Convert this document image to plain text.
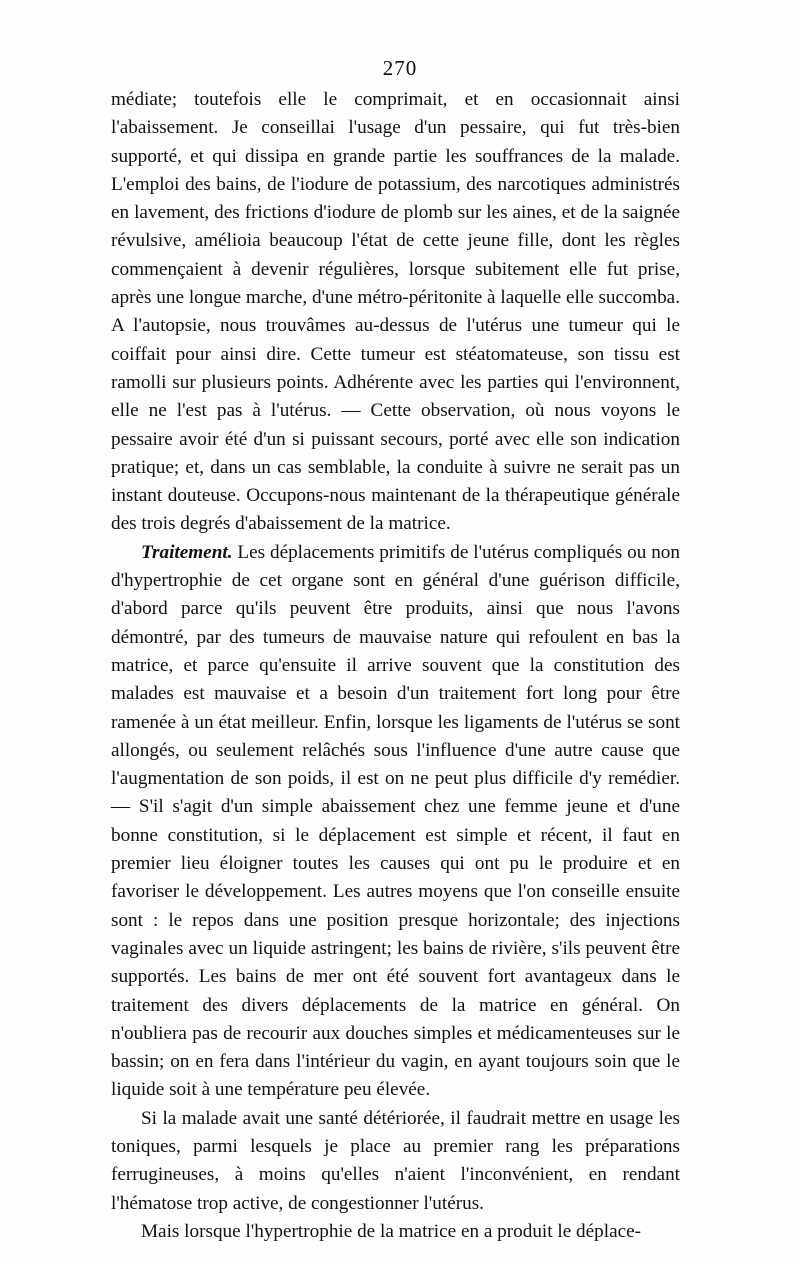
270

médiate; toutefois elle le comprimait, et en occasionnait ainsi l'abaissement. Je conseillai l'usage d'un pessaire, qui fut très-bien supporté, et qui dissipa en grande partie les souffrances de la malade. L'emploi des bains, de l'iodure de potassium, des narcotiques administrés en lavement, des frictions d'iodure de plomb sur les aines, et de la saignée révulsive, amélioia beaucoup l'état de cette jeune fille, dont les règles commençaient à devenir régulières, lorsque subitement elle fut prise, après une longue marche, d'une métro-péritonite à laquelle elle succomba. A l'autopsie, nous trouvâmes au-dessus de l'utérus une tumeur qui le coiffait pour ainsi dire. Cette tumeur est stéatomateuse, son tissu est ramolli sur plusieurs points. Adhérente avec les parties qui l'environnent, elle ne l'est pas à l'utérus. — Cette observation, où nous voyons le pessaire avoir été d'un si puissant secours, porté avec elle son indication pratique; et, dans un cas semblable, la conduite à suivre ne serait pas un instant douteuse. Occupons-nous maintenant de la thérapeutique générale des trois degrés d'abaissement de la matrice.

Traitement. Les déplacements primitifs de l'utérus compliqués ou non d'hypertrophie de cet organe sont en général d'une guérison difficile, d'abord parce qu'ils peuvent être produits, ainsi que nous l'avons démontré, par des tumeurs de mauvaise nature qui refoulent en bas la matrice, et parce qu'ensuite il arrive souvent que la constitution des malades est mauvaise et a besoin d'un traitement fort long pour être ramenée à un état meilleur. Enfin, lorsque les ligaments de l'utérus se sont allongés, ou seulement relâchés sous l'influence d'une autre cause que l'augmentation de son poids, il est on ne peut plus difficile d'y remédier. — S'il s'agit d'un simple abaissement chez une femme jeune et d'une bonne constitution, si le déplacement est simple et récent, il faut en premier lieu éloigner toutes les causes qui ont pu le produire et en favoriser le développement. Les autres moyens que l'on conseille ensuite sont : le repos dans une position presque horizontale; des injections vaginales avec un liquide astringent; les bains de rivière, s'ils peuvent être supportés. Les bains de mer ont été souvent fort avantageux dans le traitement des divers déplacements de la matrice en général. On n'oubliera pas de recourir aux douches simples et médicamenteuses sur le bassin; on en fera dans l'intérieur du vagin, en ayant toujours soin que le liquide soit à une température peu élevée.

Si la malade avait une santé détériorée, il faudrait mettre en usage les toniques, parmi lesquels je place au premier rang les préparations ferrugineuses, à moins qu'elles n'aient l'inconvénient, en rendant l'hématose trop active, de congestionner l'utérus.

Mais lorsque l'hypertrophie de la matrice en a produit le déplace-
